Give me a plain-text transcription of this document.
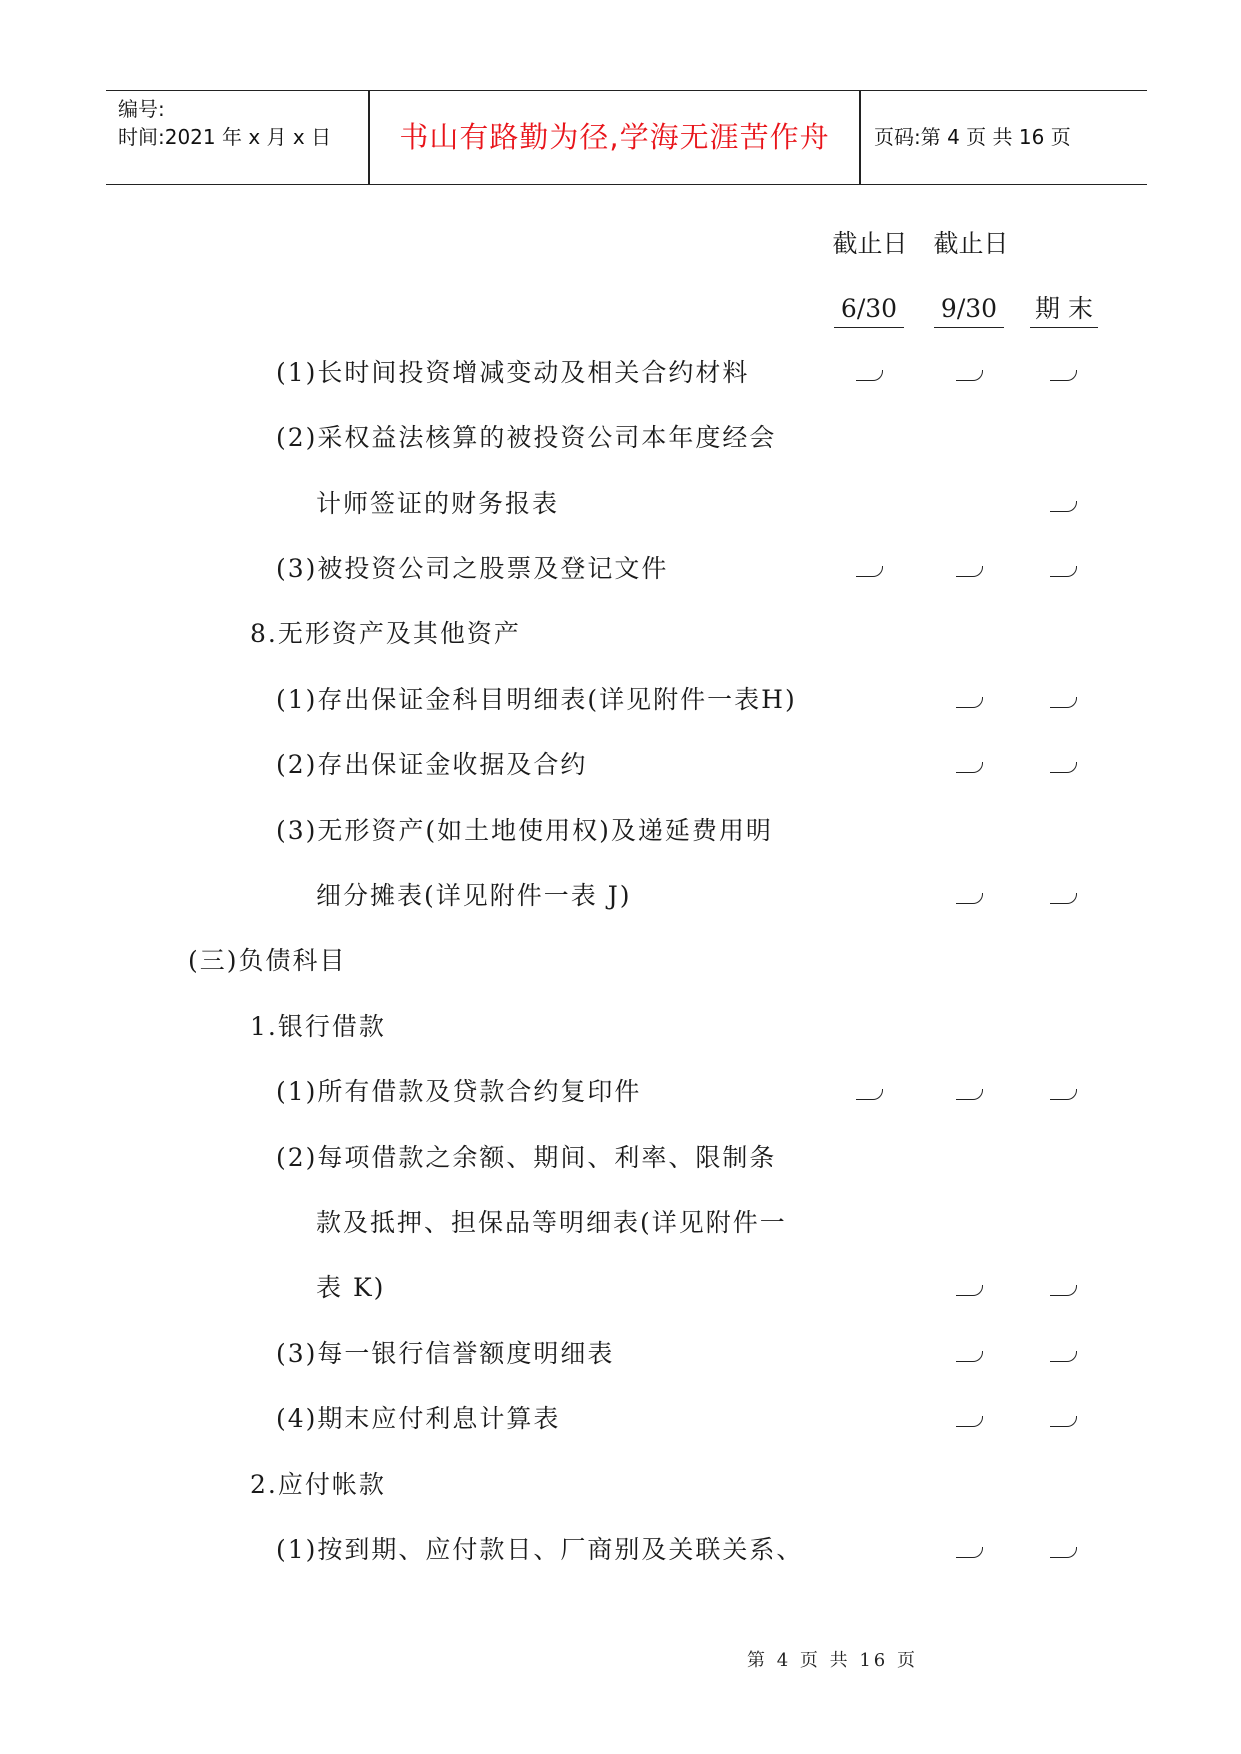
编号:
时间:2021 年 x 月 x 日	书山有路勤为径,学海无涯苦作舟	页码:第 4 页 共 16 页
截止日 截止日
6/30 9/30 期 末
(1)长时间投资增减变动及相关合约材料
(2)采权益法核算的被投资公司本年度经会
计师签证的财务报表
(3)被投资公司之股票及登记文件
8.无形资产及其他资产
(1)存出保证金科目明细表(详见附件一表H)
(2)存出保证金收据及合约
(3)无形资产(如土地使用权)及递延费用明
细分摊表(详见附件一表 J)
(三)负债科目
1.银行借款
(1)所有借款及贷款合约复印件
(2)每项借款之余额、期间、利率、限制条
款及抵押、担保品等明细表(详见附件一
表 K)
(3)每一银行信誉额度明细表
(4)期末应付利息计算表
2.应付帐款
(1)按到期、应付款日、厂商别及关联关系、
第 4 页 共 16 页
